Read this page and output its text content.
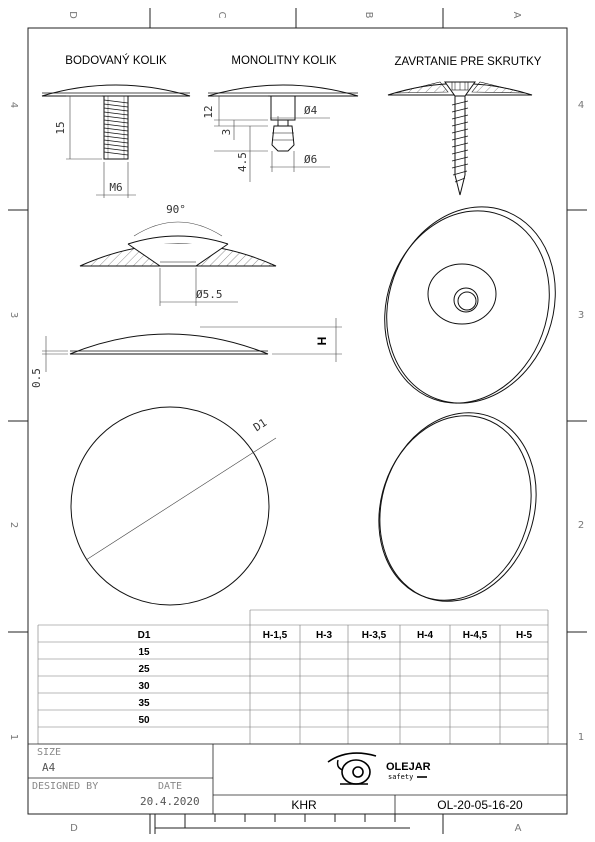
D	C	B	A
D	A
4
3
2
1
4
3
2
1
BODOVANÝ KOLIK	MONOLITNY KOLIK	ZAVRTANIE PRE SKRUTKY
15
M6
12
3
4.5
Ø4
Ø6
90°
Ø5.5
H
0.5
D1
D1	H-1,5	H-3	H-3,5	H-4	H-4,5	H-5
15
25
30
35
50
SIZE
A4
DESIGNED BY	DATE
20.4.2020	KHR	OL-20-05-16-20
OLEJAR
safety
